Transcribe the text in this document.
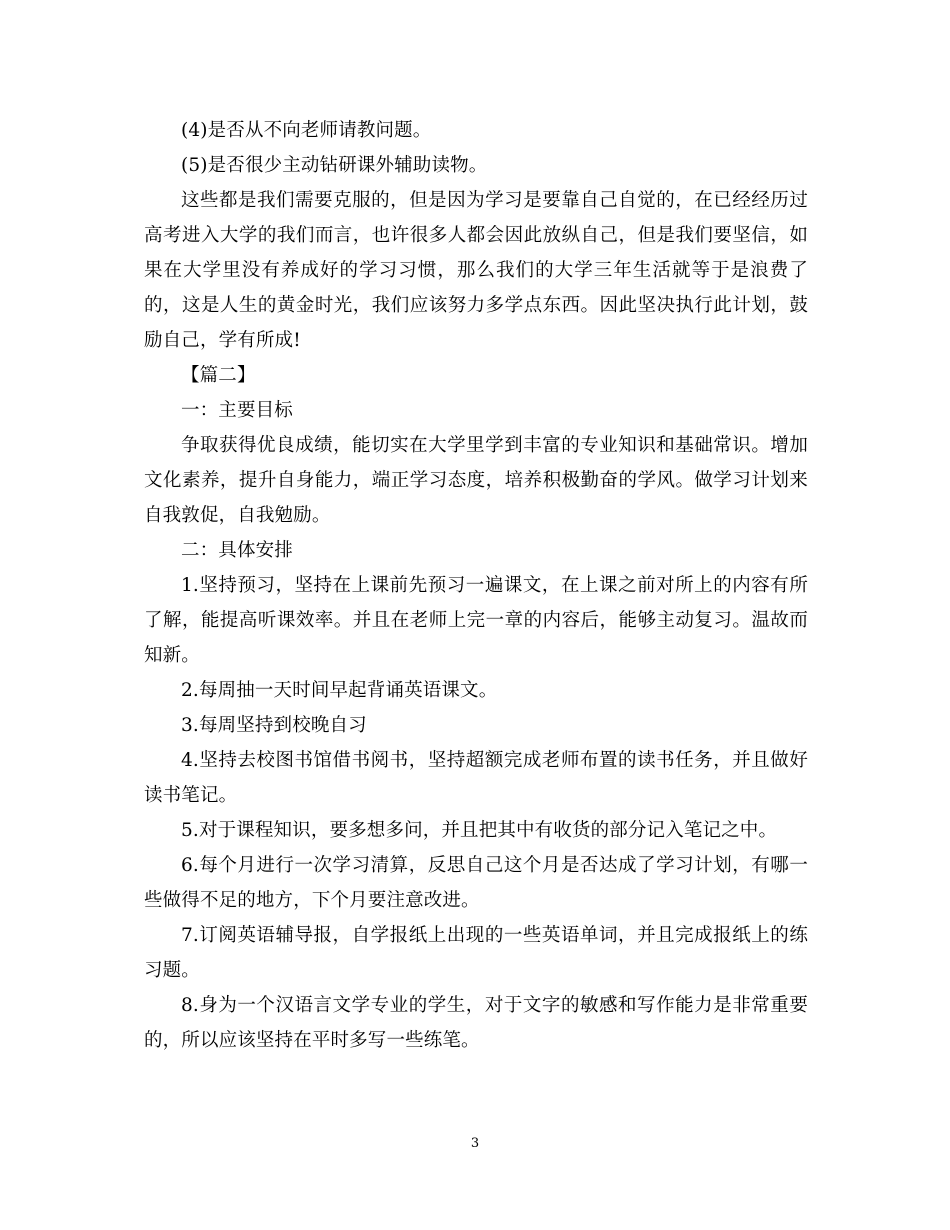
(4)是否从不向老师请教问题。

(5)是否很少主动钻研课外辅助读物。

这些都是我们需要克服的，但是因为学习是要靠自己自觉的，在已经经历过高考进入大学的我们而言，也许很多人都会因此放纵自己，但是我们要坚信，如果在大学里没有养成好的学习习惯，那么我们的大学三年生活就等于是浪费了的，这是人生的黄金时光，我们应该努力多学点东西。因此坚决执行此计划，鼓励自己，学有所成!

【篇二】

一：主要目标

争取获得优良成绩，能切实在大学里学到丰富的专业知识和基础常识。增加文化素养，提升自身能力，端正学习态度，培养积极勤奋的学风。做学习计划来自我敦促，自我勉励。

二：具体安排

1.坚持预习，坚持在上课前先预习一遍课文，在上课之前对所上的内容有所了解，能提高听课效率。并且在老师上完一章的内容后，能够主动复习。温故而知新。

2.每周抽一天时间早起背诵英语课文。

3.每周坚持到校晚自习

4.坚持去校图书馆借书阅书，坚持超额完成老师布置的读书任务，并且做好读书笔记。

5.对于课程知识，要多想多问，并且把其中有收货的部分记入笔记之中。

6.每个月进行一次学习清算，反思自己这个月是否达成了学习计划，有哪一些做得不足的地方，下个月要注意改进。

7.订阅英语辅导报，自学报纸上出现的一些英语单词，并且完成报纸上的练习题。

8.身为一个汉语言文学专业的学生，对于文字的敏感和写作能力是非常重要的，所以应该坚持在平时多写一些练笔。

3
